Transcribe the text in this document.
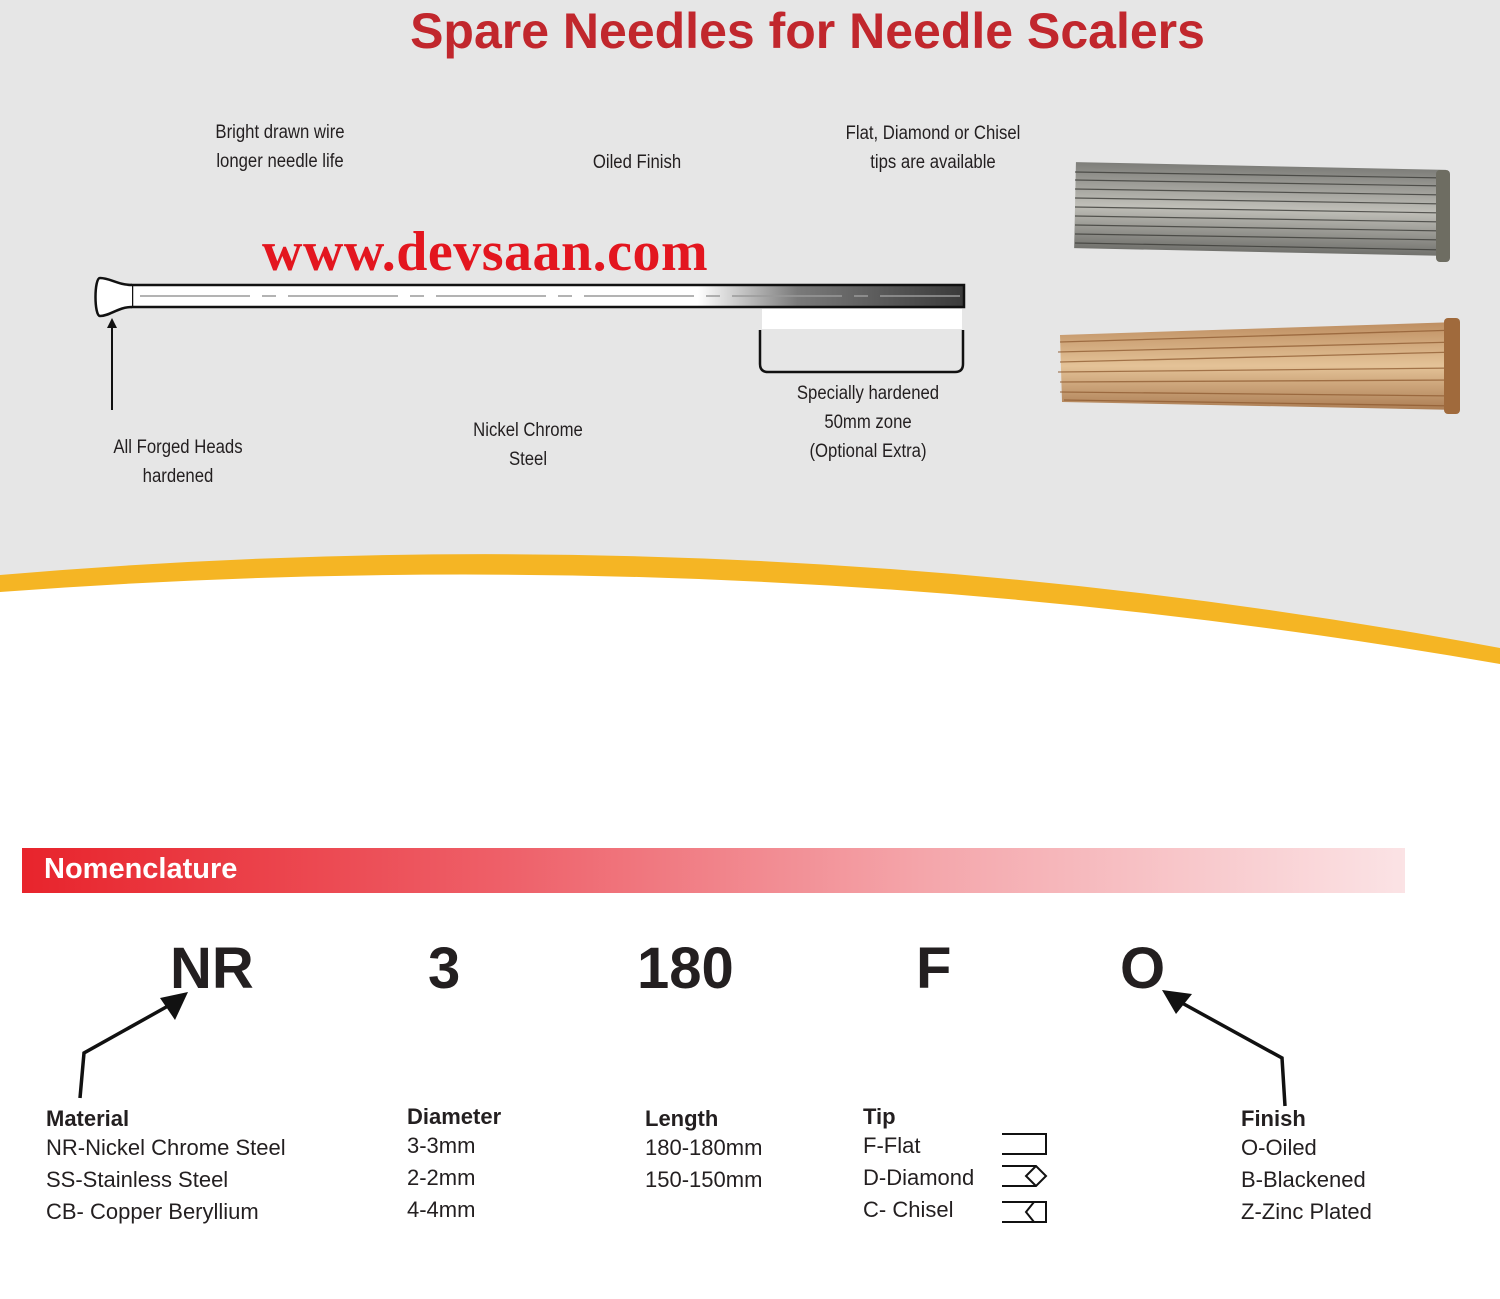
Spare Needles for Needle Scalers
Bright drawn wire
longer needle life	Oiled Finish
Flat, Diamond or Chisel
tips are available
All Forged Heads
hardened
Nickel Chrome
Steel
Specially hardened
50mm zone
(Optional Extra)
www.devsaan.com
Nomenclature
NR	3	180	F	O
Material
NR-Nickel Chrome Steel
SS-Stainless Steel
CB- Copper Beryllium
Diameter
3-3mm
2-2mm
4-4mm
Length
180-180mm
150-150mm
Tip
F-Flat
D-Diamond
C- Chisel
Finish
O-Oiled
B-Blackened
Z-Zinc Plated
